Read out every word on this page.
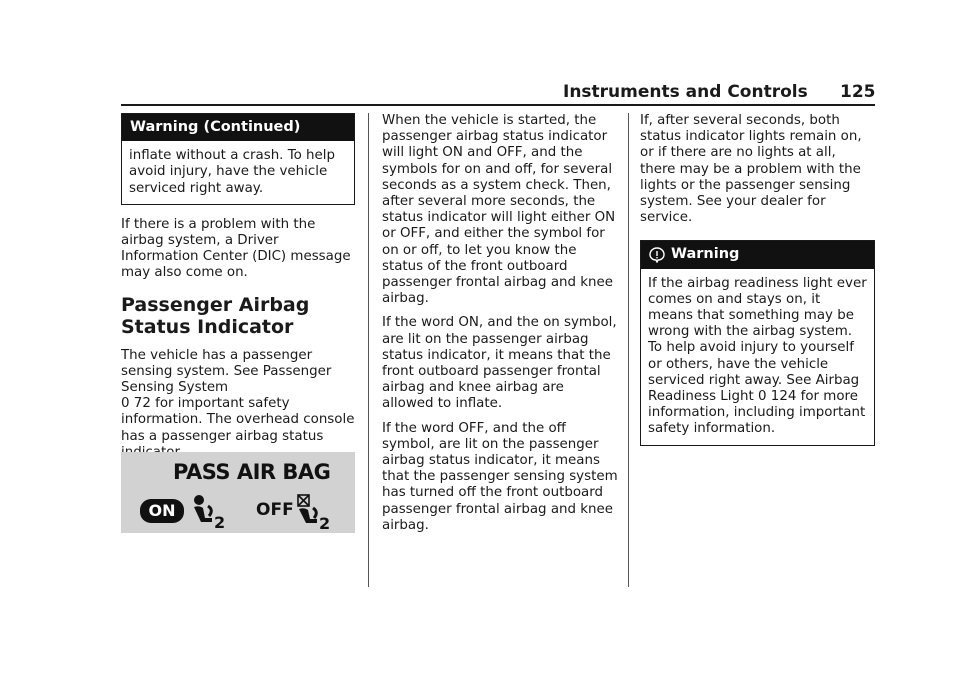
Instruments and Controls 125
Warning (Continued)
inflate without a crash. To help avoid injury, have the vehicle serviced right away.

If there is a problem with the airbag system, a Driver Information Center (DIC) message may also come on.

Passenger Airbag
Status Indicator

The vehicle has a passenger sensing system. See Passenger Sensing System
0 72 for important safety information. The overhead console has a passenger airbag status

PASS AIR BAG
ON
2
OFF
2

When the vehicle is started, the passenger airbag status indicator will light ON and OFF, and the symbols for on and off, for several seconds as a system check. Then, after several more seconds, the status indicator will light either ON or OFF, and either the symbol for on or off, to let you know the status of the front outboard passenger frontal airbag and knee airbag.

If the word ON, and the on symbol, are lit on the passenger airbag status indicator, it means that the front outboard passenger frontal airbag and knee airbag are allowed to inflate.

If the word OFF, and the off symbol, are lit on the passenger airbag status indicator, it means that the passenger sensing system has turned off the front outboard passenger frontal airbag and knee airbag.

If, after several seconds, both status indicator lights remain on, or if there are no lights at all, there may be a problem with the lights or the passenger sensing system. See your dealer for service.

Warning
If the airbag readiness light ever comes on and stays on, it means that something may be wrong with the airbag system. To help avoid injury to yourself or others, have the vehicle serviced right away. See Airbag Readiness Light 0 124 for more information, including important safety information.
